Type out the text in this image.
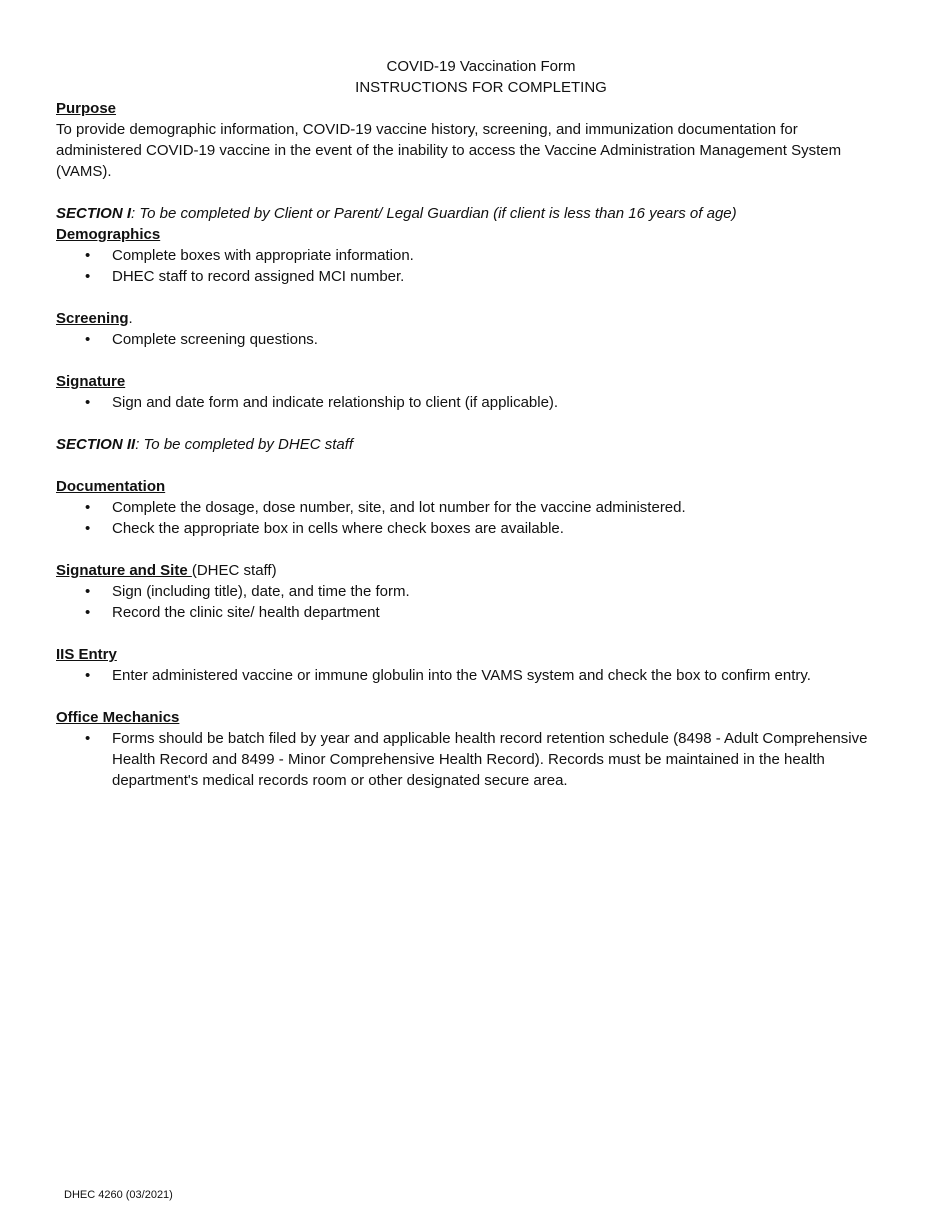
COVID-19 Vaccination Form
INSTRUCTIONS FOR COMPLETING
Purpose

To provide demographic information, COVID-19 vaccine history, screening, and immunization documentation for administered COVID-19 vaccine in the event of the inability to access the Vaccine Administration Management System (VAMS).

SECTION I: To be completed by Client or Parent/ Legal Guardian (if client is less than 16 years of age)

Demographics
• Complete boxes with appropriate information.
• DHEC staff to record assigned MCI number.
Screening.
• Complete screening questions.
Signature
• Sign and date form and indicate relationship to client (if applicable).

SECTION II: To be completed by DHEC staff

Documentation
• Complete the dosage, dose number, site, and lot number for the vaccine administered.
• Check the appropriate box in cells where check boxes are available.
Signature and Site (DHEC staff)
• Sign (including title), date, and time the form.
• Record the clinic site/ health department
IIS Entry
• Enter administered vaccine or immune globulin into the VAMS system and check the box to confirm entry.
Office Mechanics
• Forms should be batch filed by year and applicable health record retention schedule (8498 - Adult Comprehensive Health Record and 8499 - Minor Comprehensive Health Record). Records must be maintained in the health department's medical records room or other designated secure area.
DHEC 4260 (03/2021)
